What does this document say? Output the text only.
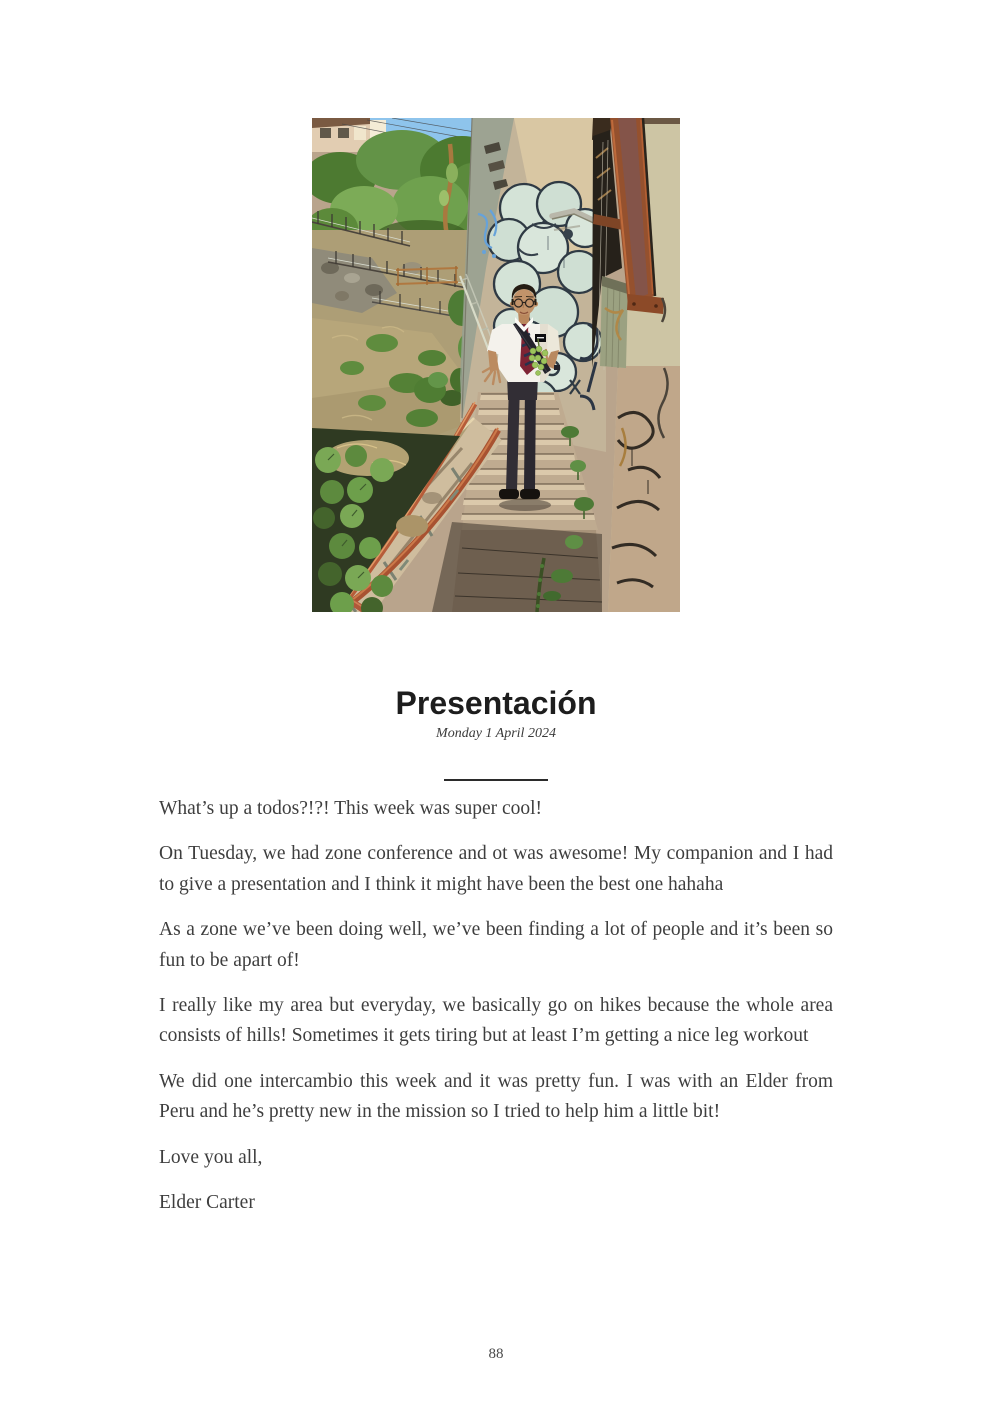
Presentación
Monday 1 April 2024

What’s up a todos?!?! This week was super cool!

On Tuesday, we had zone conference and ot was awesome! My companion and I had to give a presentation and I think it might have been the best one hahaha

As a zone we’ve been doing well, we’ve been finding a lot of people and it’s been so fun to be apart of!

I really like my area but everyday, we basically go on hikes because the whole area consists of hills! Sometimes it gets tiring but at least I’m getting a nice leg workout

We did one intercambio this week and it was pretty fun. I was with an Elder from Peru and he’s pretty new in the mission so I tried to help him a little bit!

Love you all,

Elder Carter

88
